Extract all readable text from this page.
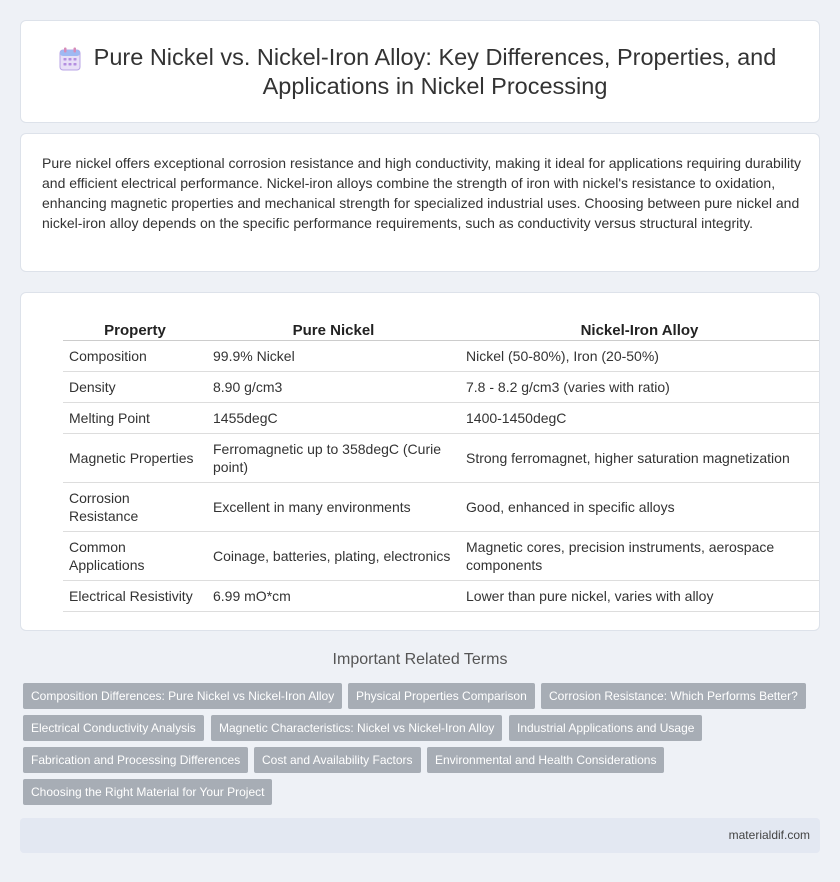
Pure Nickel vs. Nickel-Iron Alloy: Key Differences, Properties, and Applications in Nickel Processing

Pure nickel offers exceptional corrosion resistance and high conductivity, making it ideal for applications requiring durability and efficient electrical performance. Nickel-iron alloys combine the strength of iron with nickel's resistance to oxidation, enhancing magnetic properties and mechanical strength for specialized industrial uses. Choosing between pure nickel and nickel-iron alloy depends on the specific performance requirements, such as conductivity versus structural integrity.

Property	Pure Nickel	Nickel-Iron Alloy
Composition	99.9% Nickel	Nickel (50-80%), Iron (20-50%)
Density	8.90 g/cm3	7.8 - 8.2 g/cm3 (varies with ratio)
Melting Point	1455degC	1400-1450degC
Magnetic Properties	Ferromagnetic up to 358degC (Curie point)	Strong ferromagnet, higher saturation magnetization
Corrosion Resistance	Excellent in many environments	Good, enhanced in specific alloys
Common Applications	Coinage, batteries, plating, electronics	Magnetic cores, precision instruments, aerospace components
Electrical Resistivity	6.99 mO*cm	Lower than pure nickel, varies with alloy
Important Related Terms
Composition Differences: Pure Nickel vs Nickel-Iron Alloy	Physical Properties Comparison	Corrosion Resistance: Which Performs Better?
Electrical Conductivity Analysis	Magnetic Characteristics: Nickel vs Nickel-Iron Alloy	Industrial Applications and Usage
Fabrication and Processing Differences	Cost and Availability Factors	Environmental and Health Considerations
Choosing the Right Material for Your Project
materialdif.com
